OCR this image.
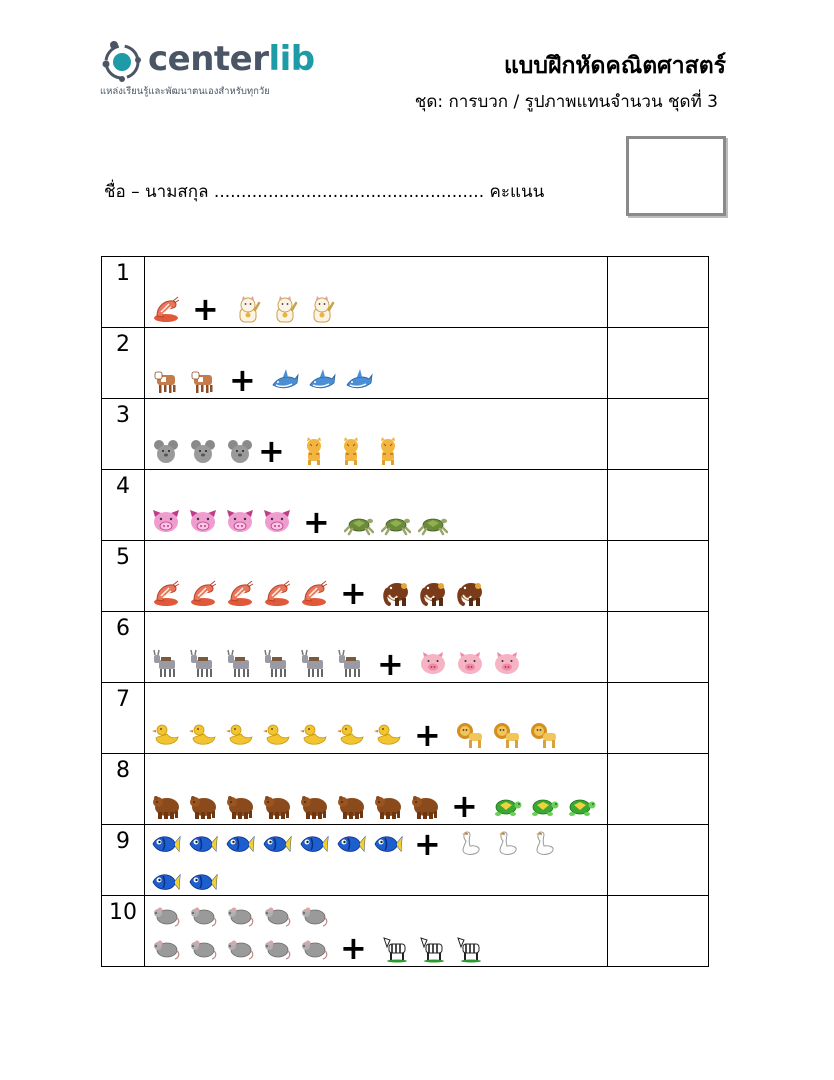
centerlib
แหล่งเรียนรู้และพัฒนาตนเองสำหรับทุกวัย
แบบฝึกหัดคณิตศาสตร์
ชุด: การบวก / รูปภาพแทนจำนวน ชุดที่ 3
ชื่อ – นามสกุล .................................................. คะแนน
1	+	

2	+	

3	+	

4	+	

5	+	

6	+	

7	+	

8	+	

9	+	

10	+	
